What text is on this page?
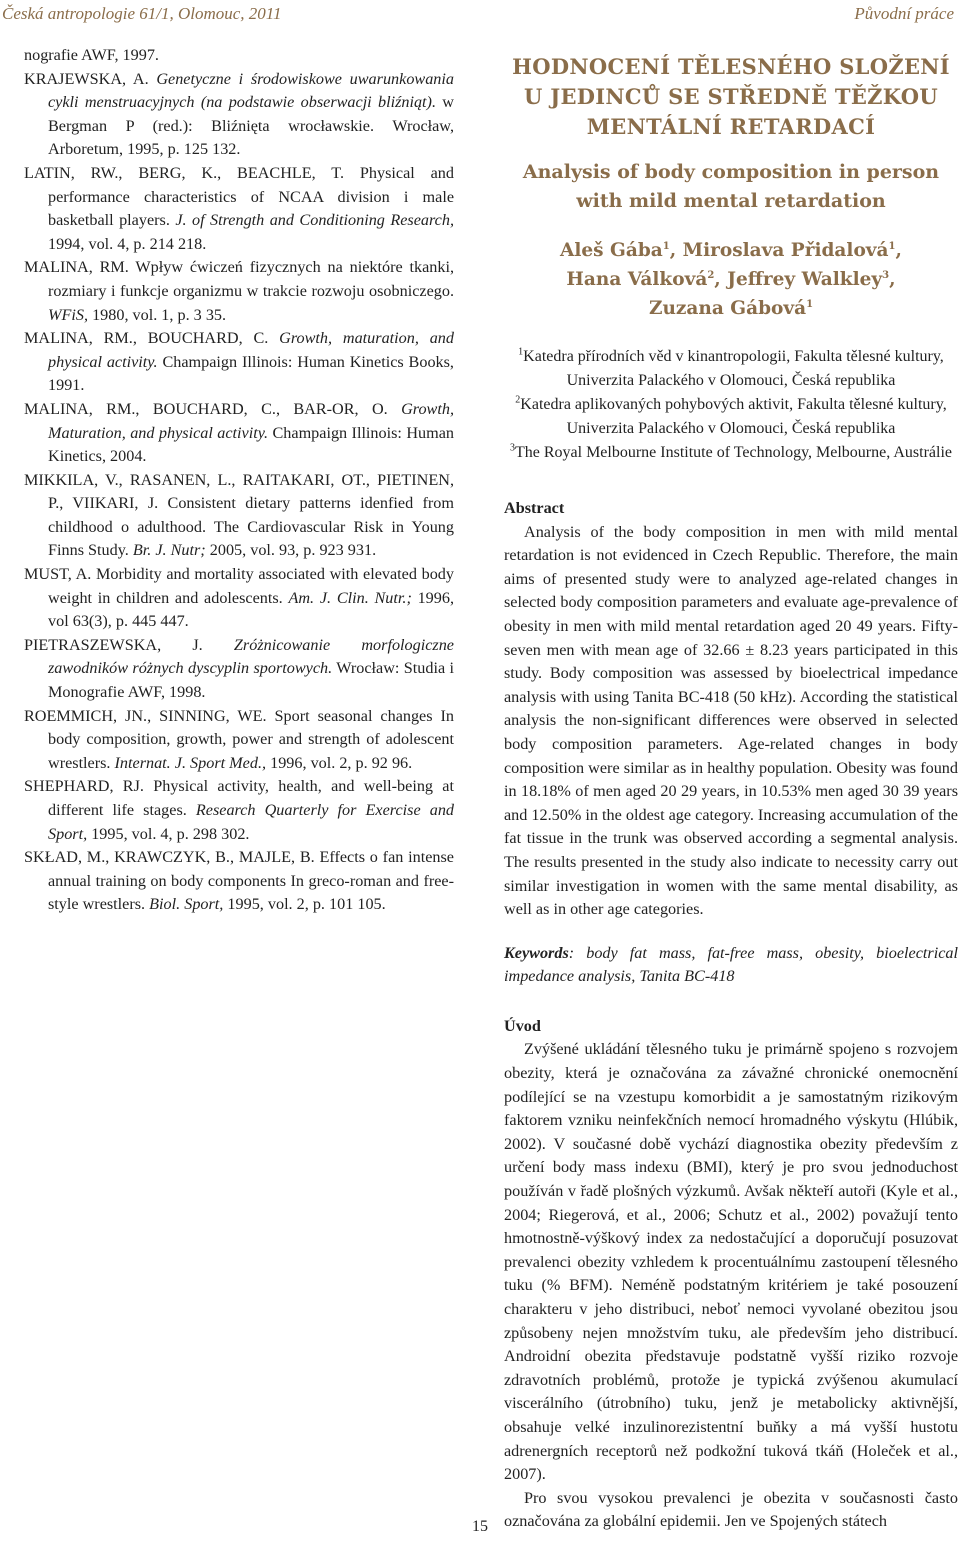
Česká antropologie 61/1, Olomouc, 2011	Původní práce

nografie AWF, 1997.

KRAJEWSKA, A. Genetyczne i środowiskowe uwarunkowania cykli menstruacyjnych (na podstawie obserwacji bliźniąt). w Bergman P (red.): Bliźnięta wrocławskie. Wrocław, Arboretum, 1995, p. 125 132.

LATIN, RW., BERG, K., BEACHLE, T. Physical and performance characteristics of NCAA division i male basketball players. J. of Strength and Conditioning Research, 1994, vol. 4, p. 214 218.

MALINA, RM. Wpływ ćwiczeń fizycznych na niektóre tkanki, rozmiary i funkcje organizmu w trakcie rozwoju osobniczego. WFiS, 1980, vol. 1, p. 3 35.

MALINA, RM., BOUCHARD, C. Growth, maturation, and physical activity. Champaign Illinois: Human Kinetics Books, 1991.

MALINA, RM., BOUCHARD, C., BAR-OR, O. Growth, Maturation, and physical activity. Champaign Illinois: Human Kinetics, 2004.

MIKKILA, V., RASANEN, L., RAITAKARI, OT., PIETINEN, P., VIIKARI, J. Consistent dietary patterns idenfied from childhood o adulthood. The Cardiovascular Risk in Young Finns Study. Br. J. Nutr; 2005, vol. 93, p. 923 931.

MUST, A. Morbidity and mortality associated with elevated body weight in children and adolescents. Am. J. Clin. Nutr.; 1996, vol 63(3), p. 445 447.

PIETRASZEWSKA, J. Zróżnicowanie morfologiczne zawodników różnych dyscyplin sportowych. Wrocław: Studia i Monografie AWF, 1998.

ROEMMICH, JN., SINNING, WE. Sport seasonal changes In body composition, growth, power and strength of adolescent wrestlers. Internat. J. Sport Med., 1996, vol. 2, p. 92 96.

SHEPHARD, RJ. Physical activity, health, and well-being at different life stages. Research Quarterly for Exercise and Sport, 1995, vol. 4, p. 298 302.

SKŁAD, M., KRAWCZYK, B., MAJLE, B. Effects o fan intense annual training on body components In greco-roman and free-style wrestlers. Biol. Sport, 1995, vol. 2, p. 101 105.

HODNOCENÍ TĚLESNÉHO SLOŽENÍ
U JEDINCŮ SE STŘEDNĚ TĚŽKOU
MENTÁLNÍ RETARDACÍ
Analysis of body composition in person
with mild mental retardation
Aleš Gába$^1$, Miroslava Přidalová$^1$,
Hana Válková$^2$, Jeffrey Walkley$^3$,
Zuzana Gábová$^1$
$^1$Katedra přírodních věd v kinantropologii, Fakulta tělesné kultury, Univerzita Palackého v Olomouci, Česká republika
$^2$Katedra aplikovaných pohybových aktivit, Fakulta tělesné kultury, Univerzita Palackého v Olomouci, Česká republika
$^3$The Royal Melbourne Institute of Technology, Melbourne, Austrálie
Abstract

Analysis of the body composition in men with mild mental retardation is not evidenced in Czech Republic. Therefore, the main aims of presented study were to analyzed age-related changes in selected body composition parameters and evaluate age-prevalence of obesity in men with mild mental retardation aged 20 49 years. Fifty-seven men with mean age of 32.66 ± 8.23 years participated in this study. Body composition was assessed by bioelectrical impedance analysis with using Tanita BC-418 (50 kHz). According the statistical analysis the non-significant differences were observed in selected body composition parameters. Age-related changes in body composition were similar as in healthy population. Obesity was found in 18.18% of men aged 20 29 years, in 10.53% men aged 30 39 years and 12.50% in the oldest age category. Increasing accumulation of the fat tissue in the trunk was observed according a segmental analysis. The results presented in the study also indicate to necessity carry out similar investigation in women with the same mental disability, as well as in other age categories.

Keywords: body fat mass, fat-free mass, obesity, bioelectrical impedance analysis, Tanita BC-418
Úvod

Zvýšené ukládání tělesného tuku je primárně spojeno s rozvojem obezity, která je označována za závažné chronické onemocnění podílející se na vzestupu komorbidit a je samostatným rizikovým faktorem vzniku neinfekčních nemocí hromadného výskytu (Hlúbik, 2002). V současné době vychází diagnostika obezity především z určení body mass indexu (BMI), který je pro svou jednoduchost používán v řadě plošných výzkumů. Avšak někteří autoři (Kyle et al., 2004; Riegerová, et al., 2006; Schutz et al., 2002) považují tento hmotnostně-výškový index za nedostačující a doporučují posuzovat prevalenci obezity vzhledem k procentuálnímu zastoupení tělesného tuku (% BFM). Neméně podstatným kritériem je také posouzení charakteru v jeho distribuci, neboť nemoci vyvolané obezitou jsou způsobeny nejen množstvím tuku, ale především jeho distribucí. Androidní obezita představuje podstatně vyšší riziko rozvoje zdravotních problémů, protože je typická zvýšenou akumulací viscerálního (útrobního) tuku, jenž je metabolicky aktivnější, obsahuje velké inzulinorezistentní buňky a má vyšší hustotu adrenergních receptorů než podkožní tuková tkáň (Holeček et al., 2007).

Pro svou vysokou prevalenci je obezita v současnosti často označována za globální epidemii. Jen ve Spojených státech

15
